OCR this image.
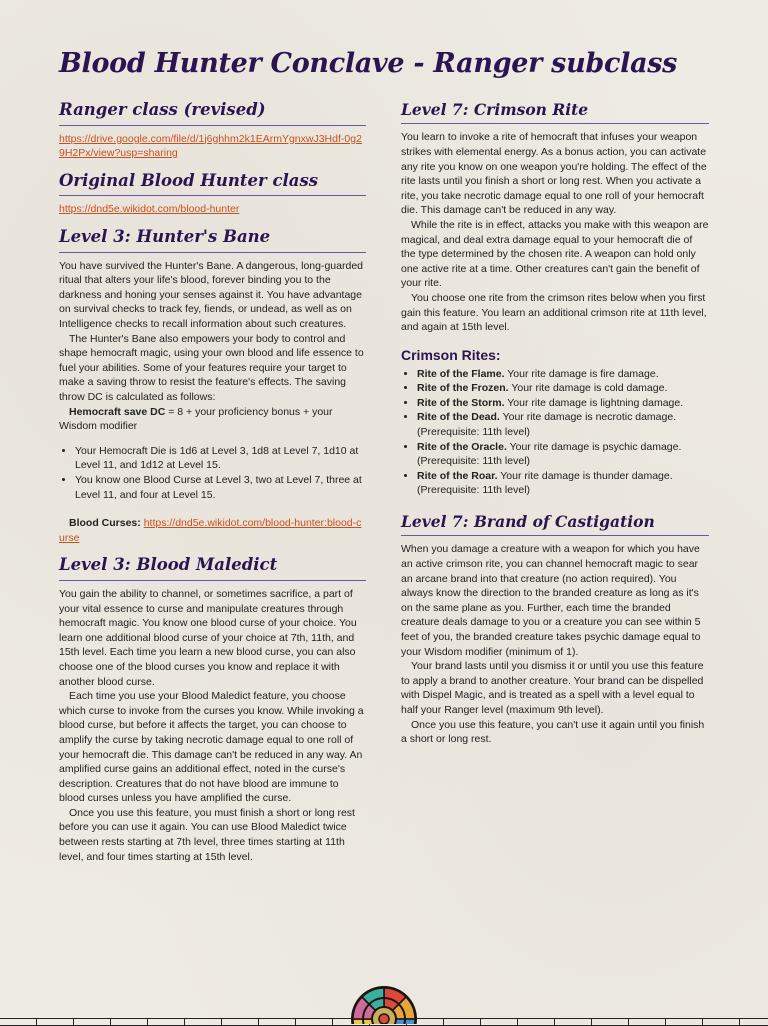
Blood Hunter Conclave - Ranger subclass
Ranger class (revised)

https://drive.google.com/file/d/1j6ghhm2k1EArmYgnxwJ3Hdf-0g29H2Px/view?usp=sharing

Original Blood Hunter class

https://dnd5e.wikidot.com/blood-hunter

Level 3: Hunter's Bane

You have survived the Hunter's Bane. A dangerous, long-guarded ritual that alters your life's blood, forever binding you to the darkness and honing your senses against it. You have advantage on survival checks to track fey, fiends, or undead, as well as on Intelligence checks to recall information about such creatures.

The Hunter's Bane also empowers your body to control and shape hemocraft magic, using your own blood and life essence to fuel your abilities. Some of your features require your target to make a saving throw to resist the feature's effects. The saving throw DC is calculated as follows:

Hemocraft save DC = 8 + your proficiency bonus + your Wisdom modifier

• Your Hemocraft Die is 1d6 at Level 3, 1d8 at Level 7, 1d10 at Level 11, and 1d12 at Level 15.
• You know one Blood Curse at Level 3, two at Level 7, three at Level 11, and four at Level 15.

Blood Curses: https://dnd5e.wikidot.com/blood-hunter:blood-curse

Level 3: Blood Maledict

You gain the ability to channel, or sometimes sacrifice, a part of your vital essence to curse and manipulate creatures through hemocraft magic. You know one blood curse of your choice. You learn one additional blood curse of your choice at 7th, 11th, and 15th level. Each time you learn a new blood curse, you can also choose one of the blood curses you know and replace it with another blood curse.

Each time you use your Blood Maledict feature, you choose which curse to invoke from the curses you know. While invoking a blood curse, but before it affects the target, you can choose to amplify the curse by taking necrotic damage equal to one roll of your hemocraft die. This damage can't be reduced in any way. An amplified curse gains an additional effect, noted in the curse's description. Creatures that do not have blood are immune to blood curses unless you have amplified the curse.

Once you use this feature, you must finish a short or long rest before you can use it again. You can use Blood Maledict twice between rests starting at 7th level, three times starting at 11th level, and four times starting at 15th level.

Level 7: Crimson Rite

You learn to invoke a rite of hemocraft that infuses your weapon strikes with elemental energy. As a bonus action, you can activate any rite you know on one weapon you're holding. The effect of the rite lasts until you finish a short or long rest. When you activate a rite, you take necrotic damage equal to one roll of your hemocraft die. This damage can't be reduced in any way.

While the rite is in effect, attacks you make with this weapon are magical, and deal extra damage equal to your hemocraft die of the type determined by the chosen rite. A weapon can hold only one active rite at a time. Other creatures can't gain the benefit of your rite.

You choose one rite from the crimson rites below when you first gain this feature. You learn an additional crimson rite at 11th level, and again at 15th level.

Crimson Rites:
• Rite of the Flame. Your rite damage is fire damage.
• Rite of the Frozen. Your rite damage is cold damage.
• Rite of the Storm. Your rite damage is lightning damage.
• Rite of the Dead. Your rite damage is necrotic damage. (Prerequisite: 11th level)
• Rite of the Oracle. Your rite damage is psychic damage. (Prerequisite: 11th level)
• Rite of the Roar. Your rite damage is thunder damage. (Prerequisite: 11th level)
Level 7: Brand of Castigation

When you damage a creature with a weapon for which you have an active crimson rite, you can channel hemocraft magic to sear an arcane brand into that creature (no action required). You always know the direction to the branded creature as long as it's on the same plane as you. Further, each time the branded creature deals damage to you or a creature you can see within 5 feet of you, the branded creature takes psychic damage equal to your Wisdom modifier (minimum of 1).

Your brand lasts until you dismiss it or until you use this feature to apply a brand to another creature. Your brand can be dispelled with Dispel Magic, and is treated as a spell with a level equal to half your Ranger level (maximum 9th level).

Once you use this feature, you can't use it again until you finish a short or long rest.
